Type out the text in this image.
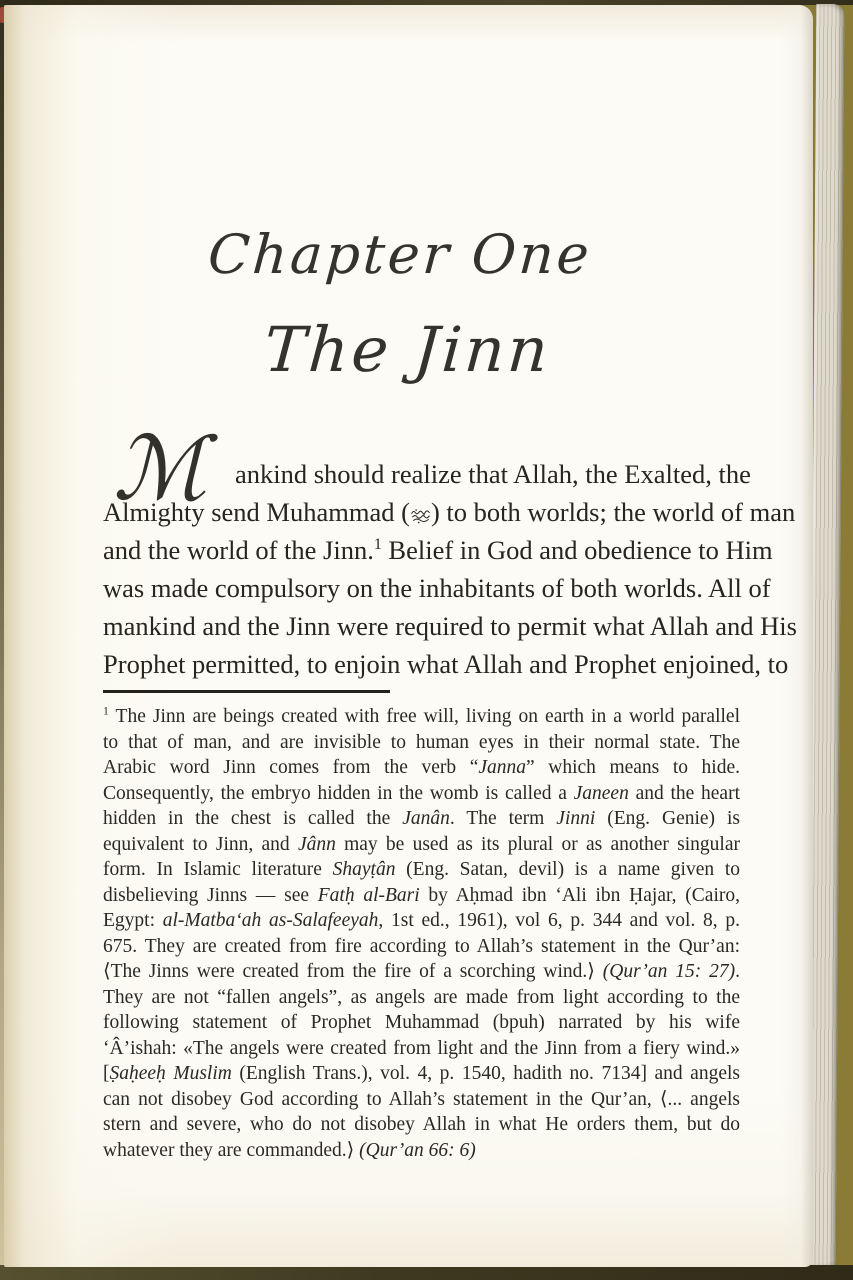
Chapter One
The Jinn
ℳ	ankind should realize that Allah, the Exalted, the
Almighty send Muhammad ( ) to both worlds; the world of man
and the world of the Jinn.$^1$ Belief in God and obedience to Him
was made compulsory on the inhabitants of both worlds. All of
mankind and the Jinn were required to permit what Allah and His
Prophet permitted, to enjoin what Allah and Prophet enjoined, to
$^1$ The Jinn are beings created with free will, living on earth in a world parallel
to that of man, and are invisible to human eyes in their normal state. The
Arabic word Jinn comes from the verb “Janna” which means to hide.
Consequently, the embryo hidden in the womb is called a Janeen and the heart
hidden in the chest is called the Janân. The term Jinni (Eng. Genie) is
equivalent to Jinn, and Jânn may be used as its plural or as another singular
form. In Islamic literature Shayṭân (Eng. Satan, devil) is a name given to
disbelieving Jinns — see Fatḥ al-Bari by Aḥmad ibn ‘Ali ibn Ḥajar, (Cairo,
Egypt: al-Matba‘ah as-Salafeeyah, 1st ed., 1961), vol 6, p. 344 and vol. 8, p.
675. They are created from fire according to Allah’s statement in the Qur’an:
⟨The Jinns were created from the fire of a scorching wind.⟩ (Qur’an 15: 27).
They are not “fallen angels”, as angels are made from light according to the
following statement of Prophet Muhammad (bpuh) narrated by his wife
‘Â’ishah: «The angels were created from light and the Jinn from a fiery wind.»
[Ṣaḥeeḥ Muslim (English Trans.), vol. 4, p. 1540, hadith no. 7134] and angels
can not disobey God according to Allah’s statement in the Qur’an, ⟨... angels
stern and severe, who do not disobey Allah in what He orders them, but do
whatever they are commanded.⟩ (Qur’an 66: 6)
